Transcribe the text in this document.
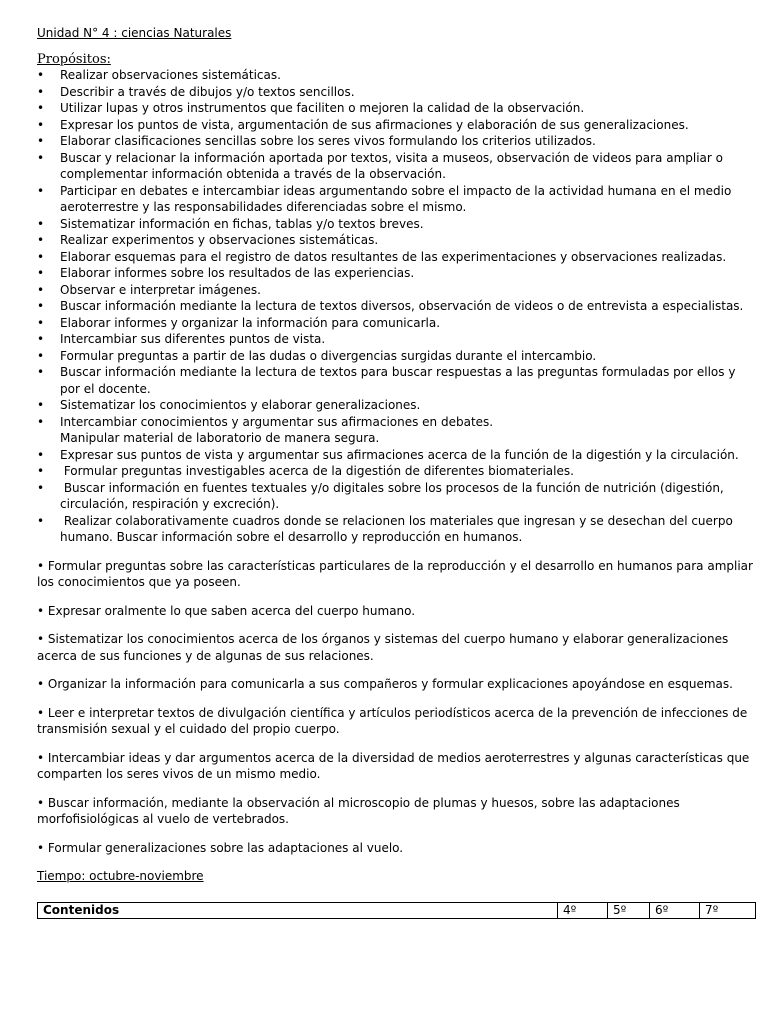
Unidad N° 4 : ciencias Naturales

Propósitos:

• Realizar observaciones sistemáticas.
• Describir a través de dibujos y/o textos sencillos.
• Utilizar lupas y otros instrumentos que faciliten o mejoren la calidad de la observación.
• Expresar los puntos de vista, argumentación de sus afirmaciones y elaboración de sus generalizaciones.
• Elaborar clasificaciones sencillas sobre los seres vivos formulando los criterios utilizados.
• Buscar y relacionar la información aportada por textos, visita a museos, observación de videos para ampliar o complementar información obtenida a través de la observación.
• Participar en debates e intercambiar ideas argumentando sobre el impacto de la actividad humana en el medio aeroterrestre y las responsabilidades diferenciadas sobre el mismo.
• Sistematizar información en fichas, tablas y/o textos breves.
• Realizar experimentos y observaciones sistemáticas.
• Elaborar esquemas para el registro de datos resultantes de las experimentaciones y observaciones realizadas.
• Elaborar informes sobre los resultados de las experiencias.
• Observar e interpretar imágenes.
• Buscar información mediante la lectura de textos diversos, observación de videos o de entrevista a especialistas.
• Elaborar informes y organizar la información para comunicarla.
• Intercambiar sus diferentes puntos de vista.
• Formular preguntas a partir de las dudas o divergencias surgidas durante el intercambio.
• Buscar información mediante la lectura de textos para buscar respuestas a las preguntas formuladas por ellos y por el docente.
• Sistematizar los conocimientos y elaborar generalizaciones.
• Intercambiar conocimientos y argumentar sus afirmaciones en debates.
Manipular material de laboratorio de manera segura.
• Expresar sus puntos de vista y argumentar sus afirmaciones acerca de la función de la digestión y la circulación.
• Formular preguntas investigables acerca de la digestión de diferentes biomateriales.
• Buscar información en fuentes textuales y/o digitales sobre los procesos de la función de nutrición (digestión, circulación, respiración y excreción).
• Realizar colaborativamente cuadros donde se relacionen los materiales que ingresan y se desechan del cuerpo humano. Buscar información sobre el desarrollo y reproducción en humanos.

• Formular preguntas sobre las características particulares de la reproducción y el desarrollo en humanos para ampliar los conocimientos que ya poseen.

• Expresar oralmente lo que saben acerca del cuerpo humano.

• Sistematizar los conocimientos acerca de los órganos y sistemas del cuerpo humano y elaborar generalizaciones acerca de sus funciones y de algunas de sus relaciones.

• Organizar la información para comunicarla a sus compañeros y formular explicaciones apoyándose en esquemas.

• Leer e interpretar textos de divulgación científica y artículos periodísticos acerca de la prevención de infecciones de transmisión sexual y el cuidado del propio cuerpo.

• Intercambiar ideas y dar argumentos acerca de la diversidad de medios aeroterrestres y algunas características que comparten los seres vivos de un mismo medio.

• Buscar información, mediante la observación al microscopio de plumas y huesos, sobre las adaptaciones morfofisiológicas al vuelo de vertebrados.

• Formular generalizaciones sobre las adaptaciones al vuelo.

Tiempo: octubre-noviembre

Contenidos	4º	5º	6º	7º
